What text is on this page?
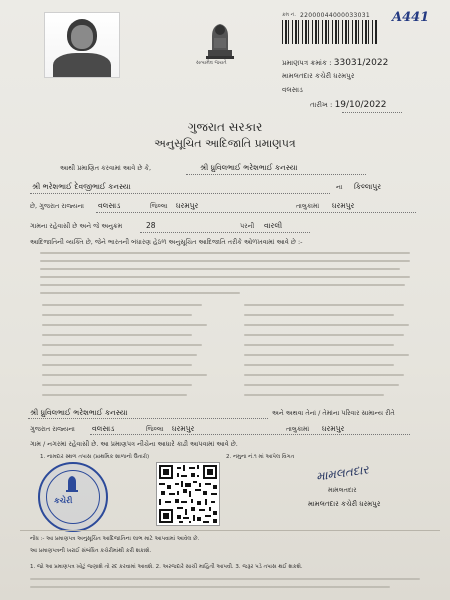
સત્યમેવ જયતે
ક્રમ નં. 22000044000033031 A441
પ્રમાણપત્ર ક્રમાંક : 33031/2022
મામલતદાર કચેરી ધરમપુર
વલસાડ
તારીખ : 19/10/2022
ગુજરાત સરકાર
અનુસૂચિત આદિજાતિ પ્રમાણપત્ર
આથી પ્રમાણિત કરવામાં આવે છે કે,	શ્રી ધ્રુવિલભાઈ ભરેશભાઈ કનસ્યા
શ્રી ભરેશભાઈ દેવજીભાઈ કનસ્યા	ના કિલ્લાપુર
છે, ગુજરાત રાજ્યના વલસાડ	જિલ્લા ધરમપુર	તાલુકામાં ધરમપુર
ગામના રહેવાસી છે અને જે અનુક્રમ	28	પરની વારલી
આદિજાતિની વ્યક્તિ છે, જેને ભારતની બંધારણ હેઠળ અનુસૂચિત આદિજાતિ તરીકે ઓળખવામાં આવે છે :-
શ્રી ધ્રુવિલભાઈ ભરેશભાઈ કનસ્યા	અને અથવા તેનાં / તેમાંના પરિવાર સામાન્ય રીતે
ગુજરાત રાજ્યના વલસાડ	જિલ્લા ધરમપુર	તાલુકામાં ધરમપુર
ગામ / નગરમાં રહેવાસી છે. આ પ્રમાણપત્ર નીચેના આધારે કાઢી આપવામાં આવે છે.
1. નામદાર સ્થળ તપાસ (પ્રાથમિક શાળાનો ઉતારો)	2. નમુના નં.૧ માં આપેલ વિગત
કચેરી
મામલતદાર
મામલતદાર
મામલતદાર કચેરી ધરમપુર
નોંધ :- આ પ્રમાણપત્ર અનુસૂચિત આદિજાતિના લાભ માટે આપવામાં આવેલ છે.
આ પ્રમાણપત્રની ખરાઈ સંબંધિત કચેરીમાંથી કરી શકાશે.
1. જો આ પ્રમાણપત્ર ખોટું જણાશે તો રદ કરવામાં આવશે. 2. અરજદારે સાચી માહિતી આપવી. 3. જરૂર પડે તપાસ થઈ શકશે.
